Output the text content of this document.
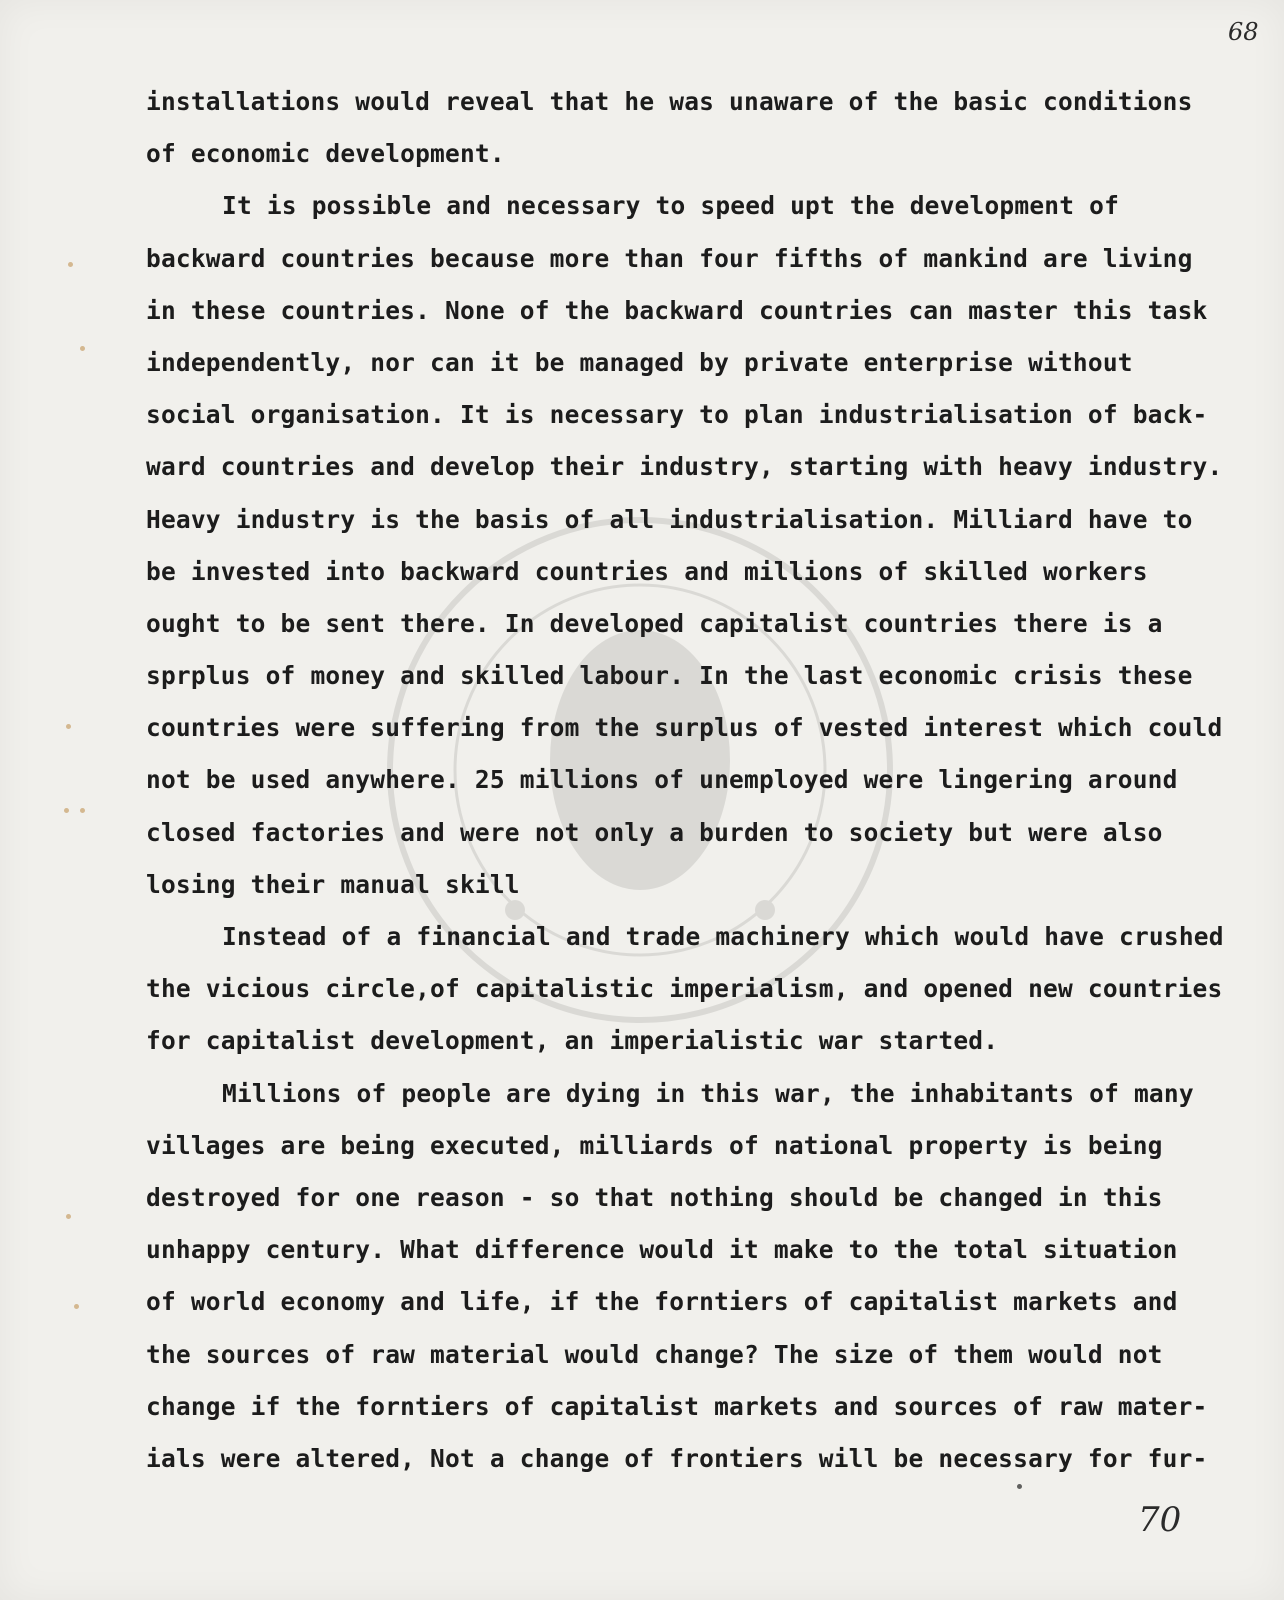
68
installations would reveal that he was unaware of the basic conditions
of economic development.
It is possible and necessary to speed upt the development of
backward countries because more than four fifths of mankind are living
in these countries. None of the backward countries can master this task
independently, nor can it be managed by private enterprise without
social organisation. It is necessary to plan industrialisation of back-
ward countries and develop their industry, starting with heavy industry.
Heavy industry is the basis of all industrialisation. Milliard have to
be invested into backward countries and millions of skilled workers
ought to be sent there. In developed capitalist countries there is a
sprplus of money and skilled labour. In the last economic crisis these
countries were suffering from the surplus of vested interest which could
not be used anywhere. 25 millions of unemployed were lingering around
closed factories and were not only a burden to society but were also
losing their manual skill
Instead of a financial and trade machinery which would have crushed
the vicious circle,of capitalistic imperialism, and opened new countries
for capitalist development, an imperialistic war started.
Millions of people are dying in this war, the inhabitants of many
villages are being executed, milliards of national property is being
destroyed for one reason - so that nothing should be changed in this
unhappy century. What difference would it make to the total situation
of world economy and life, if the forntiers of capitalist markets and
the sources of raw material would change? The size of them would not
change if the forntiers of capitalist markets and sources of raw mater-
ials were altered, Not a change of frontiers will be necessary for fur-
70
